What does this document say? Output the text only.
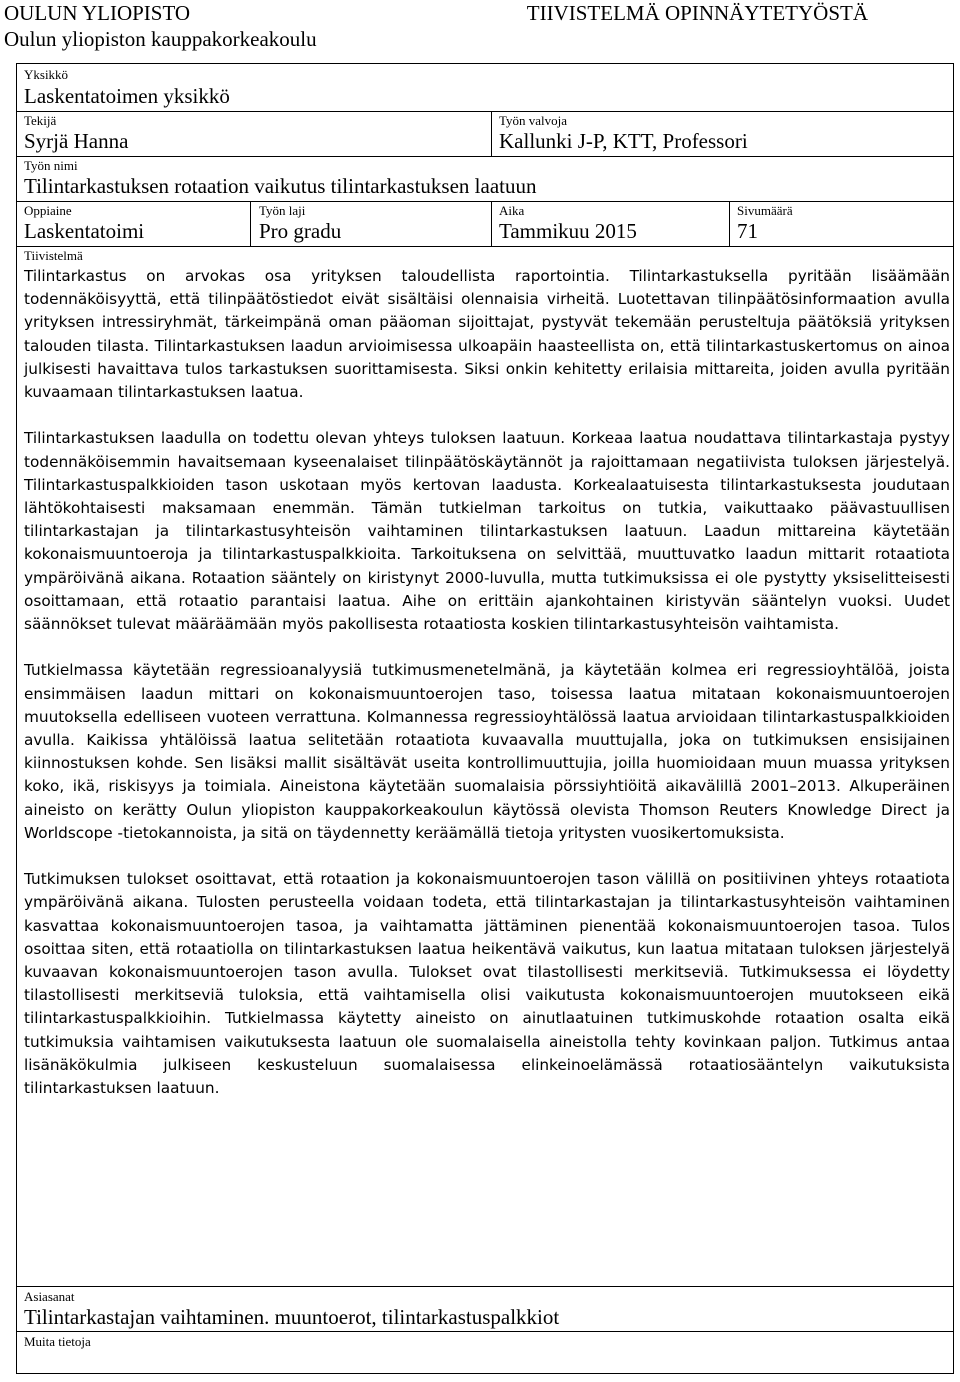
OULUN YLIOPISTO
Oulun yliopiston kauppakorkeakoulu
TIIVISTELMÄ OPINNÄYTETYÖSTÄ
Yksikkö
Laskentatoimen yksikkö
Tekijä
Syrjä Hanna
Työn valvoja
Kallunki J-P, KTT, Professori
Työn nimi
Tilintarkastuksen rotaation vaikutus tilintarkastuksen laatuun
Oppiaine
Laskentatoimi
Työn laji
Pro gradu
Aika
Tammikuu 2015
Sivumäärä
71
Tiivistelmä

Tilintarkastus on arvokas osa yrityksen taloudellista raportointia. Tilintarkastuksella pyritään lisäämään todennäköisyyttä, että tilinpäätöstiedot eivät sisältäisi olennaisia virheitä. Luotettavan tilinpäätösinformaation avulla yrityksen intressiryhmät, tärkeimpänä oman pääoman sijoittajat, pystyvät tekemään perusteltuja päätöksiä yrityksen talouden tilasta. Tilintarkastuksen laadun arvioimisessa ulkoapäin haasteellista on, että tilintarkastuskertomus on ainoa julkisesti havaittava tulos tarkastuksen suorittamisesta. Siksi onkin kehitetty erilaisia mittareita, joiden avulla pyritään kuvaamaan tilintarkastuksen laatua.

Tilintarkastuksen laadulla on todettu olevan yhteys tuloksen laatuun. Korkeaa laatua noudattava tilintarkastaja pystyy todennäköisemmin havaitsemaan kyseenalaiset tilinpäätöskäytännöt ja rajoittamaan negatiivista tuloksen järjestelyä. Tilintarkastuspalkkioiden tason uskotaan myös kertovan laadusta. Korkealaatuisesta tilintarkastuksesta joudutaan lähtökohtaisesti maksamaan enemmän. Tämän tutkielman tarkoitus on tutkia, vaikuttaako päävastuullisen tilintarkastajan ja tilintarkastusyhteisön vaihtaminen tilintarkastuksen laatuun. Laadun mittareina käytetään kokonaismuuntoeroja ja tilintarkastuspalkkioita. Tarkoituksena on selvittää, muuttuvatko laadun mittarit rotaatiota ympäröivänä aikana. Rotaation sääntely on kiristynyt 2000-luvulla, mutta tutkimuksissa ei ole pystytty yksiselitteisesti osoittamaan, että rotaatio parantaisi laatua. Aihe on erittäin ajankohtainen kiristyvän sääntelyn vuoksi. Uudet säännökset tulevat määräämään myös pakollisesta rotaatiosta koskien tilintarkastusyhteisön vaihtamista.

Tutkielmassa käytetään regressioanalyysiä tutkimusmenetelmänä, ja käytetään kolmea eri regressioyhtälöä, joista ensimmäisen laadun mittari on kokonaismuuntoerojen taso, toisessa laatua mitataan kokonaismuuntoerojen muutoksella edelliseen vuoteen verrattuna. Kolmannessa regressioyhtälössä laatua arvioidaan tilintarkastuspalkkioiden avulla. Kaikissa yhtälöissä laatua selitetään rotaatiota kuvaavalla muuttujalla, joka on tutkimuksen ensisijainen kiinnostuksen kohde. Sen lisäksi mallit sisältävät useita kontrollimuuttujia, joilla huomioidaan muun muassa yrityksen koko, ikä, riskisyys ja toimiala. Aineistona käytetään suomalaisia pörssiyhtiöitä aikavälillä 2001–2013. Alkuperäinen aineisto on kerätty Oulun yliopiston kauppakorkeakoulun käytössä olevista Thomson Reuters Knowledge Direct ja Worldscope -tietokannoista, ja sitä on täydennetty keräämällä tietoja yritysten vuosikertomuksista.

Tutkimuksen tulokset osoittavat, että rotaation ja kokonaismuuntoerojen tason välillä on positiivinen yhteys rotaatiota ympäröivänä aikana. Tulosten perusteella voidaan todeta, että tilintarkastajan ja tilintarkastusyhteisön vaihtaminen kasvattaa kokonaismuuntoerojen tasoa, ja vaihtamatta jättäminen pienentää kokonaismuuntoerojen tasoa. Tulos osoittaa siten, että rotaatiolla on tilintarkastuksen laatua heikentävä vaikutus, kun laatua mitataan tuloksen järjestelyä kuvaavan kokonaismuuntoerojen tason avulla. Tulokset ovat tilastollisesti merkitseviä. Tutkimuksessa ei löydetty tilastollisesti merkitseviä tuloksia, että vaihtamisella olisi vaikutusta kokonaismuuntoerojen muutokseen eikä tilintarkastuspalkkioihin. Tutkielmassa käytetty aineisto on ainutlaatuinen tutkimuskohde rotaation osalta eikä tutkimuksia vaihtamisen vaikutuksesta laatuun ole suomalaisella aineistolla tehty kovinkaan paljon. Tutkimus antaa lisänäkökulmia julkiseen keskusteluun suomalaisessa elinkeinoelämässä rotaatiosääntelyn vaikutuksista tilintarkastuksen laatuun.

Asiasanat
Tilintarkastajan vaihtaminen. muuntoerot, tilintarkastuspalkkiot
Muita tietoja
